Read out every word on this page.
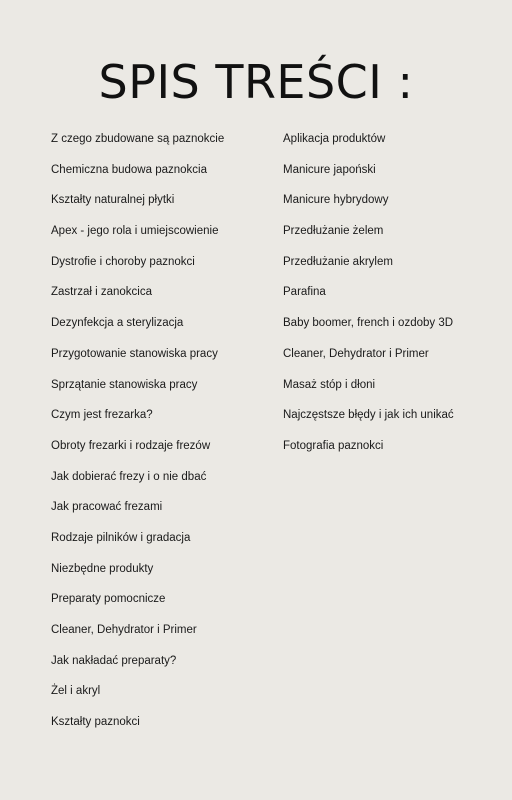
SPIS TREŚCI :
Z czego zbudowane są paznokcie
Chemiczna budowa paznokcia
Kształty naturalnej płytki
Apex - jego rola i umiejscowienie
Dystrofie i choroby paznokci
Zastrzał i zanokcica
Dezynfekcja a sterylizacja
Przygotowanie stanowiska pracy
Sprzątanie stanowiska pracy
Czym jest frezarka?
Obroty frezarki i rodzaje frezów
Jak dobierać frezy i o nie dbać
Jak pracować frezami
Rodzaje pilników i gradacja
Niezbędne produkty
Preparaty pomocnicze
Cleaner, Dehydrator i Primer
Jak nakładać preparaty?
Żel i akryl
Kształty paznokci
Aplikacja produktów
Manicure japoński
Manicure hybrydowy
Przedłużanie żelem
Przedłużanie akrylem
Parafina
Baby boomer, french i ozdoby 3D
Cleaner, Dehydrator i Primer
Masaż stóp i dłoni
Najczęstsze błędy i jak ich unikać
Fotografia paznokci
